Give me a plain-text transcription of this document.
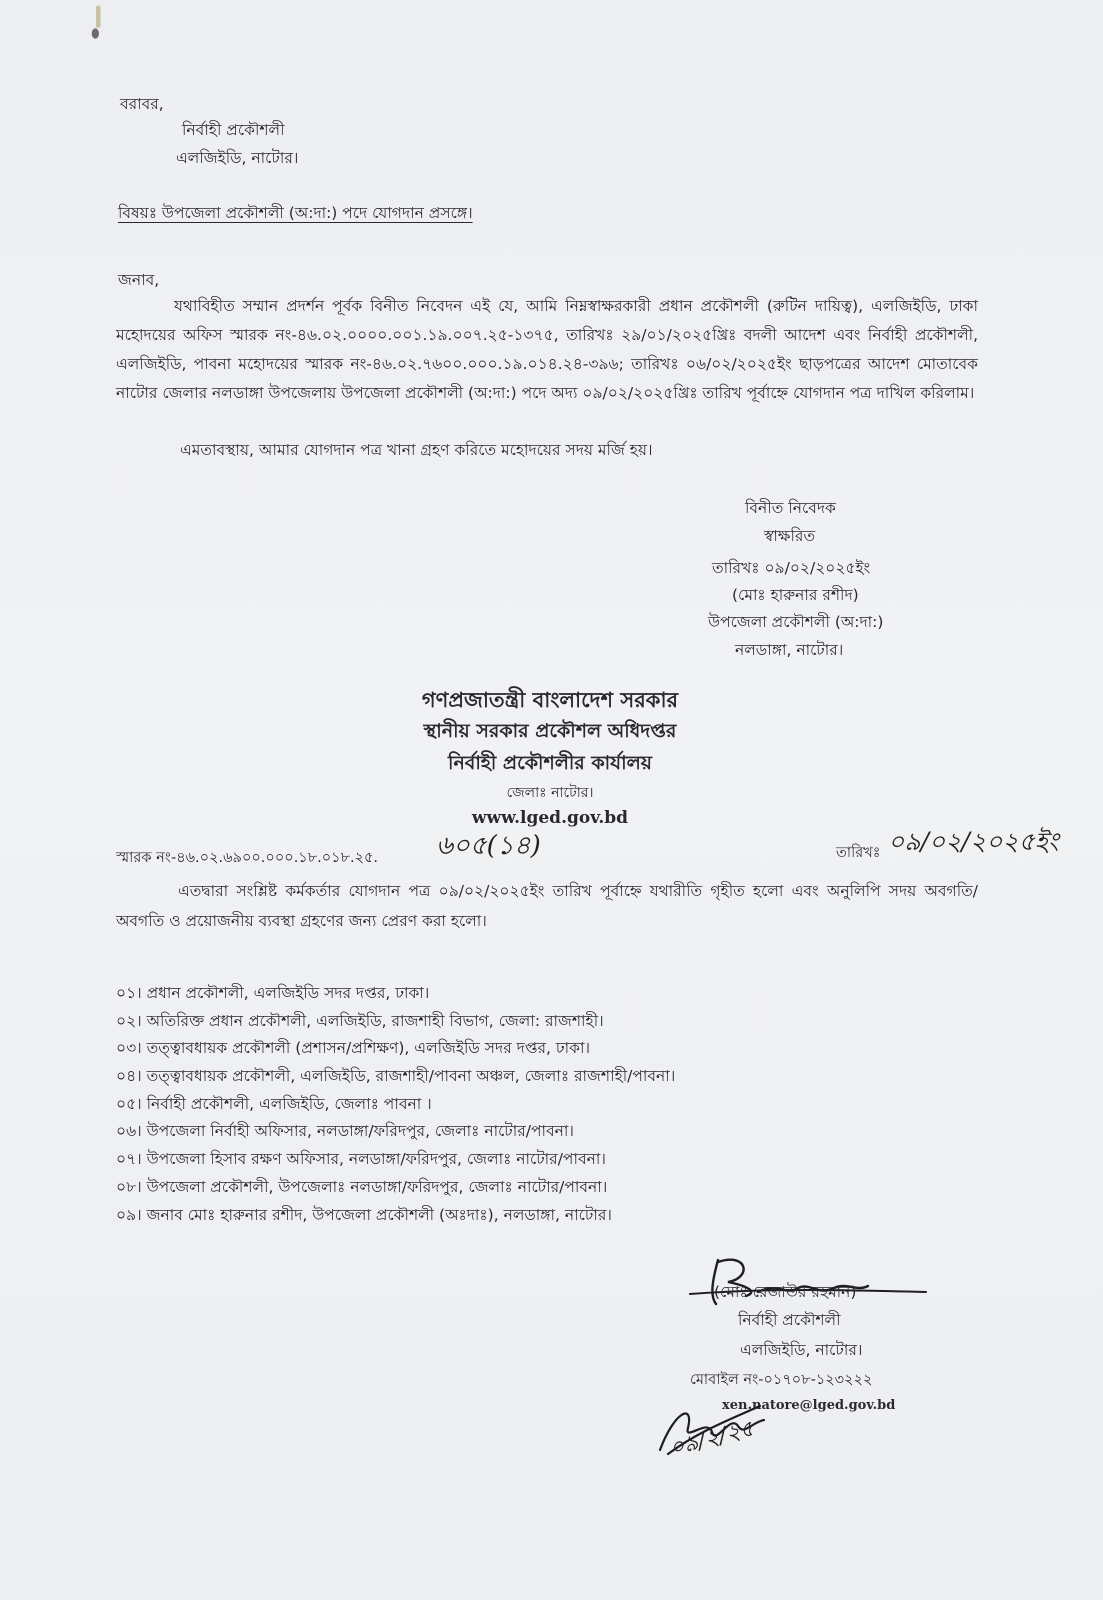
বরাবর,
নির্বাহী প্রকৌশলী
এলজিইডি, নাটোর।
বিষয়ঃ উপজেলা প্রকৌশলী (অ:দা:) পদে যোগদান প্রসঙ্গে।
জনাব,
যথাবিহীত সম্মান প্রদর্শন পূর্বক বিনীত নিবেদন এই যে, আমি নিম্নস্বাক্ষরকারী প্রধান প্রকৌশলী (রুটিন দায়িত্ব), এলজিইডি, ঢাকা মহোদয়ের অফিস স্মারক নং-৪৬.০২.০০০০.০০১.১৯.০০৭.২৫-১৩৭৫, তারিখঃ ২৯/০১/২০২৫খ্রিঃ বদলী আদেশ এবং নির্বাহী প্রকৌশলী, এলজিইডি, পাবনা মহোদয়ের স্মারক নং-৪৬.০২.৭৬০০.০০০.১৯.০১৪.২৪-৩৯৬; তারিখঃ ০৬/০২/২০২৫ইং ছাড়পত্রের আদেশ মোতাবেক নাটোর জেলার নলডাঙ্গা উপজেলায় উপজেলা প্রকৌশলী (অ:দা:) পদে অদ্য ০৯/০২/২০২৫খ্রিঃ তারিখ পূর্বাহ্নে যোগদান পত্র দাখিল করিলাম।
এমতাবস্থায়, আমার যোগদান পত্র খানা গ্রহণ করিতে মহোদয়ের সদয় মর্জি হয়।
বিনীত নিবেদক
স্বাক্ষরিত
তারিখঃ ০৯/০২/২০২৫ইং
(মোঃ হারুনার রশীদ)
উপজেলা প্রকৌশলী (অ:দা:)
নলডাঙ্গা, নাটোর।
গণপ্রজাতন্ত্রী বাংলাদেশ সরকার
স্থানীয় সরকার প্রকৌশল অধিদপ্তর
নির্বাহী প্রকৌশলীর কার্যালয়
জেলাঃ নাটোর।
www.lged.gov.bd
স্মারক নং-৪৬.০২.৬৯০০.০০০.১৮.০১৮.২৫. ৬০৫(১৪)	তারিখঃ ০৯/০২/২০২৫ইং
এতদ্বারা সংশ্লিষ্ট কর্মকর্তার যোগদান পত্র ০৯/০২/২০২৫ইং তারিখ পূর্বাহ্নে যথারীতি গৃহীত হলো এবং অনুলিপি সদয় অবগতি/অবগতি ও প্রয়োজনীয় ব্যবস্থা গ্রহণের জন্য প্রেরণ করা হলো।
০১। প্রধান প্রকৌশলী, এলজিইডি সদর দপ্তর, ঢাকা।
০২। অতিরিক্ত প্রধান প্রকৌশলী, এলজিইডি, রাজশাহী বিভাগ, জেলা: রাজশাহী।
০৩। তত্ত্বাবধায়ক প্রকৌশলী (প্রশাসন/প্রশিক্ষণ), এলজিইডি সদর দপ্তর, ঢাকা।
০৪। তত্ত্বাবধায়ক প্রকৌশলী, এলজিইডি, রাজশাহী/পাবনা অঞ্চল, জেলাঃ রাজশাহী/পাবনা।
০৫। নির্বাহী প্রকৌশলী, এলজিইডি, জেলাঃ পাবনা ।
০৬। উপজেলা নির্বাহী অফিসার, নলডাঙ্গা/ফরিদপুর, জেলাঃ নাটোর/পাবনা।
০৭। উপজেলা হিসাব রক্ষণ অফিসার, নলডাঙ্গা/ফরিদপুর, জেলাঃ নাটোর/পাবনা।
০৮। উপজেলা প্রকৌশলী, উপজেলাঃ নলডাঙ্গা/ফরিদপুর, জেলাঃ নাটোর/পাবনা।
০৯। জনাব মোঃ হারুনার রশীদ, উপজেলা প্রকৌশলী (অঃদাঃ), নলডাঙ্গা, নাটোর।
(মোঃ রেজাউর রহমান)
নির্বাহী প্রকৌশলী
এলজিইডি, নাটোর।
মোবাইল নং-০১৭০৮-১২৩২২২
xen.natore@lged.gov.bd
০৯/২/২৫
